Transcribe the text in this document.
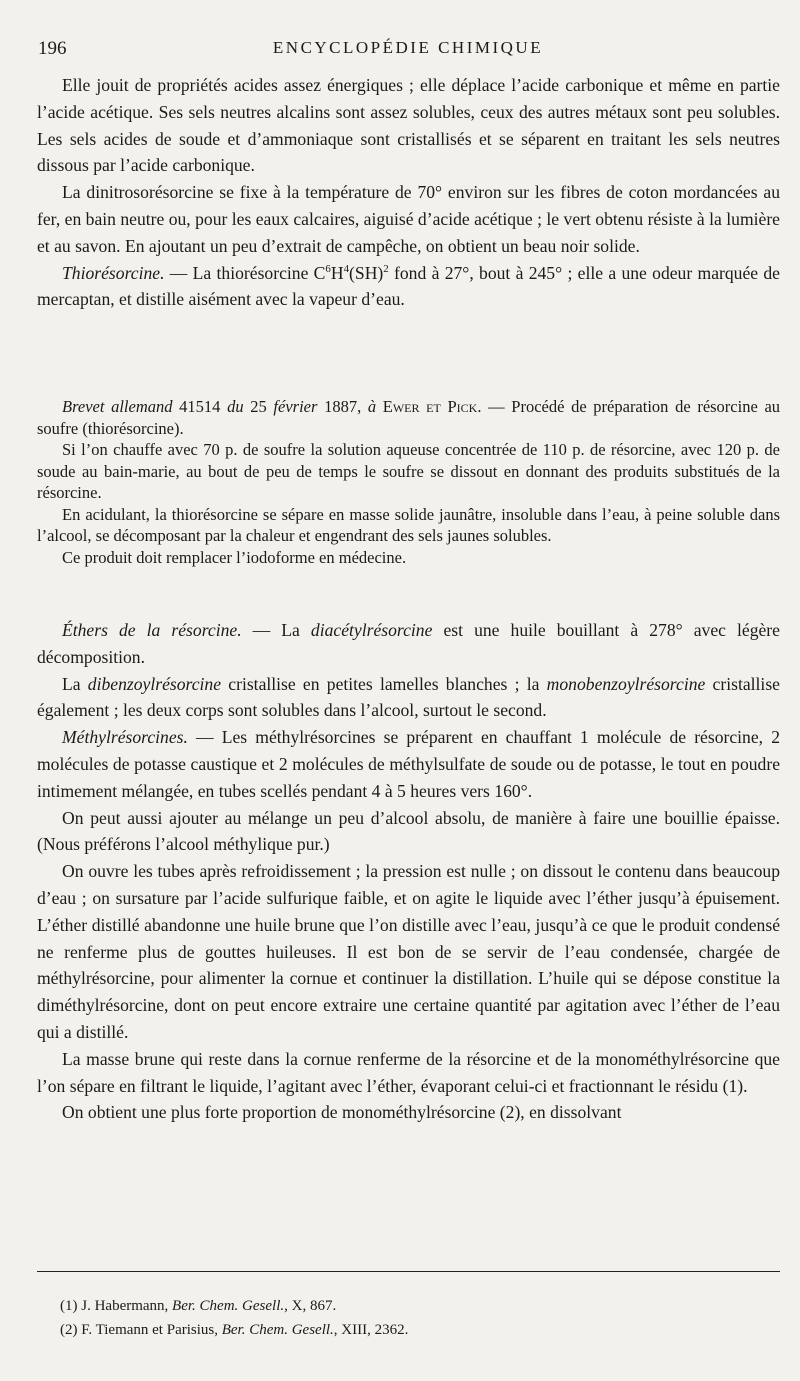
196	ENCYCLOPÉDIE CHIMIQUE

Elle jouit de propriétés acides assez énergiques ; elle déplace l’acide carbonique et même en partie l’acide acétique. Ses sels neutres alcalins sont assez solubles, ceux des autres métaux sont peu solubles. Les sels acides de soude et d’ammoniaque sont cristallisés et se séparent en traitant les sels neutres dissous par l’acide carbonique.

La dinitrosorésorcine se fixe à la température de 70° environ sur les fibres de coton mordancées au fer, en bain neutre ou, pour les eaux calcaires, aiguisé d’acide acétique ; le vert obtenu résiste à la lumière et au savon. En ajoutant un peu d’extrait de campêche, on obtient un beau noir solide.

Thiorésorcine. — La thiorésorcine $C^6H^4(SH)^2$ fond à 27°, bout à 245° ; elle a une odeur marquée de mercaptan, et distille aisément avec la vapeur d’eau.

Brevet allemand 41514 du 25 février 1887, à Ewer et Pick. — Procédé de préparation de résorcine au soufre (thiorésorcine).

Si l’on chauffe avec 70 p. de soufre la solution aqueuse concentrée de 110 p. de résorcine, avec 120 p. de soude au bain-marie, au bout de peu de temps le soufre se dissout en donnant des produits substitués de la résorcine.

En acidulant, la thiorésorcine se sépare en masse solide jaunâtre, insoluble dans l’eau, à peine soluble dans l’alcool, se décomposant par la chaleur et engendrant des sels jaunes solubles.

Ce produit doit remplacer l’iodoforme en médecine.

Éthers de la résorcine. — La diacétylrésorcine est une huile bouillant à 278° avec légère décomposition.

La dibenzoylrésorcine cristallise en petites lamelles blanches ; la monobenzoylrésorcine cristallise également ; les deux corps sont solubles dans l’alcool, surtout le second.

Méthylrésorcines. — Les méthylrésorcines se préparent en chauffant 1 molécule de résorcine, 2 molécules de potasse caustique et 2 molécules de méthylsulfate de soude ou de potasse, le tout en poudre intimement mélangée, en tubes scellés pendant 4 à 5 heures vers 160°.

On peut aussi ajouter au mélange un peu d’alcool absolu, de manière à faire une bouillie épaisse. (Nous préférons l’alcool méthylique pur.)

On ouvre les tubes après refroidissement ; la pression est nulle ; on dissout le contenu dans beaucoup d’eau ; on sursature par l’acide sulfurique faible, et on agite le liquide avec l’éther jusqu’à épuisement. L’éther distillé abandonne une huile brune que l’on distille avec l’eau, jusqu’à ce que le produit condensé ne renferme plus de gouttes huileuses. Il est bon de se servir de l’eau condensée, chargée de méthylrésorcine, pour alimenter la cornue et continuer la distillation. L’huile qui se dépose constitue la diméthylrésorcine, dont on peut encore extraire une certaine quantité par agitation avec l’éther de l’eau qui a distillé.

La masse brune qui reste dans la cornue renferme de la résorcine et de la monométhylrésorcine que l’on sépare en filtrant le liquide, l’agitant avec l’éther, évaporant celui-ci et fractionnant le résidu (1).

On obtient une plus forte proportion de monométhylrésorcine (2), en dissolvant

(1) J. Habermann, Ber. Chem. Gesell., X, 867.
(2) F. Tiemann et Parisius, Ber. Chem. Gesell., XIII, 2362.
